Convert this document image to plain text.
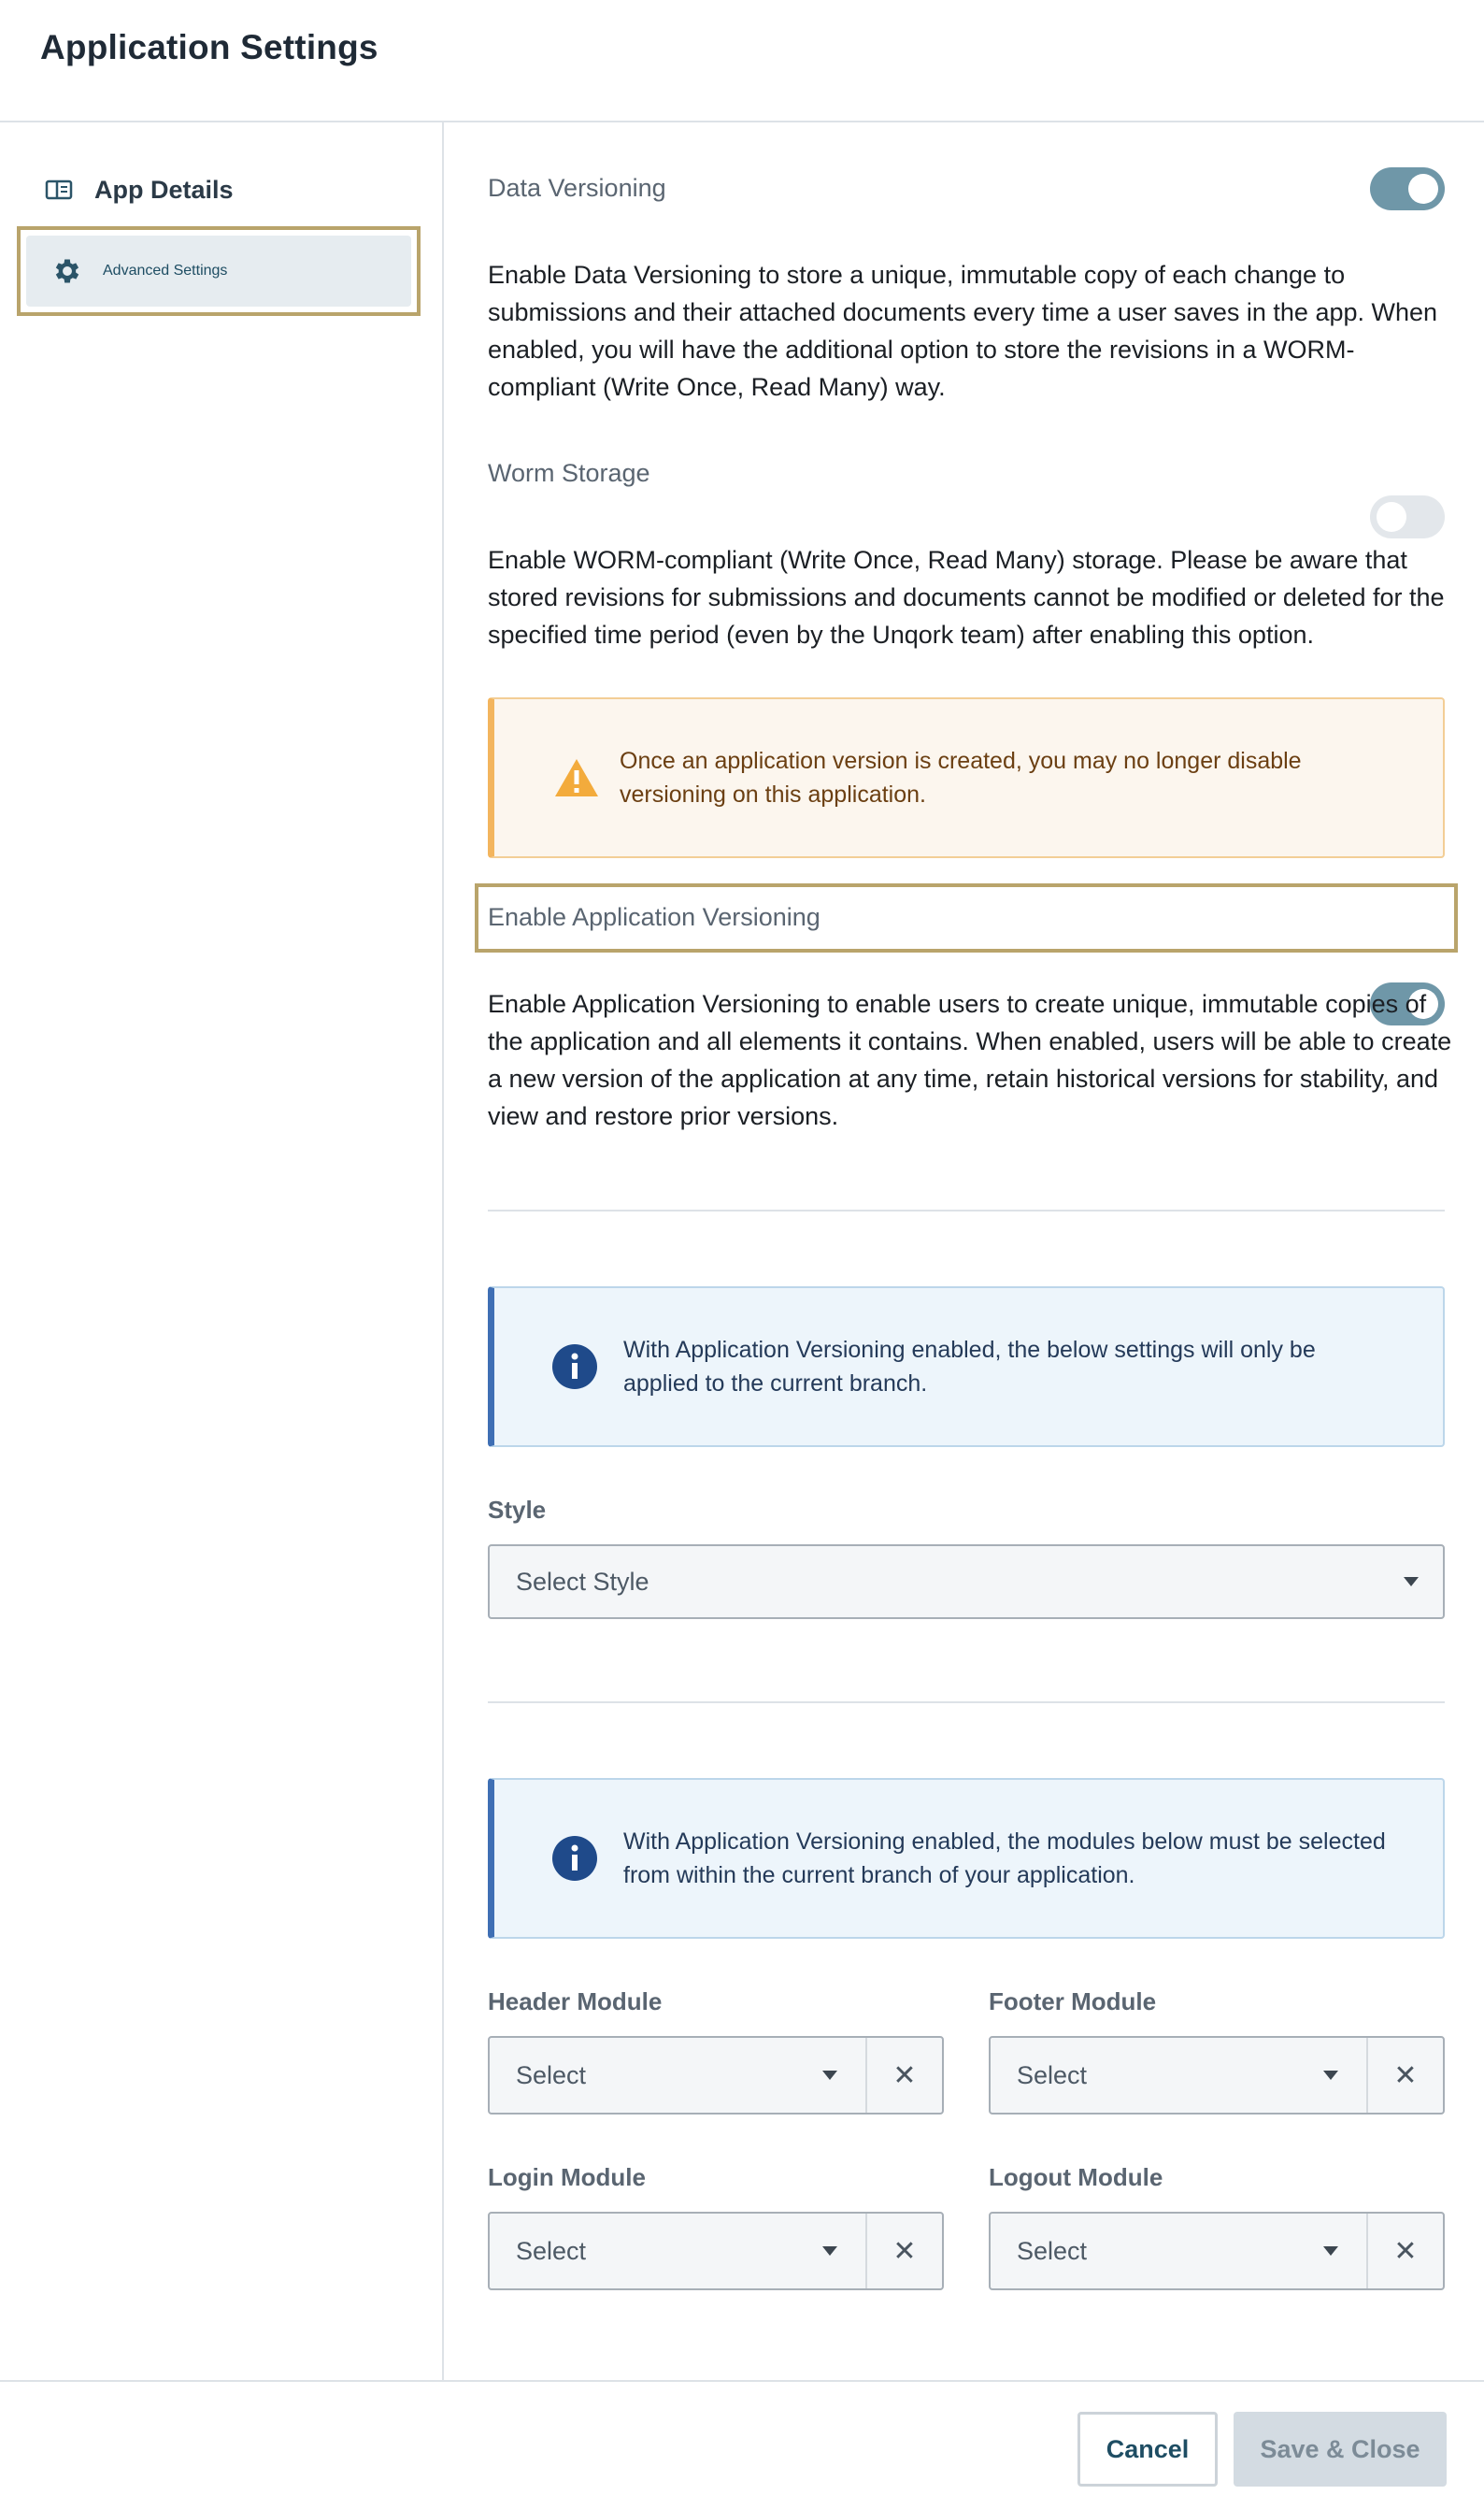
Application Settings
App Details
Advanced Settings
Data Versioning
Enable Data Versioning to store a unique, immutable copy of each change to submissions and their attached documents every time a user saves in the app. When enabled, you will have the additional option to store the revisions in a WORM-compliant (Write Once, Read Many) way.
Worm Storage
Enable WORM-compliant (Write Once, Read Many) storage. Please be aware that stored revisions for submissions and documents cannot be modified or deleted for the specified time period (even by the Unqork team) after enabling this option.
Once an application version is created, you may no longer disable versioning on this application.
Enable Application Versioning
Enable Application Versioning to enable users to create unique, immutable copies of the application and all elements it contains. When enabled, users will be able to create a new version of the application at any time, retain historical versions for stability, and view and restore prior versions.
With Application Versioning enabled, the below settings will only be applied to the current branch.
Style
Select Style
With Application Versioning enabled, the modules below must be selected from within the current branch of your application.
Header Module
Select	✕
Footer Module
Select	✕
Login Module
Select	✕
Logout Module
Select	✕
Cancel	Save & Close
